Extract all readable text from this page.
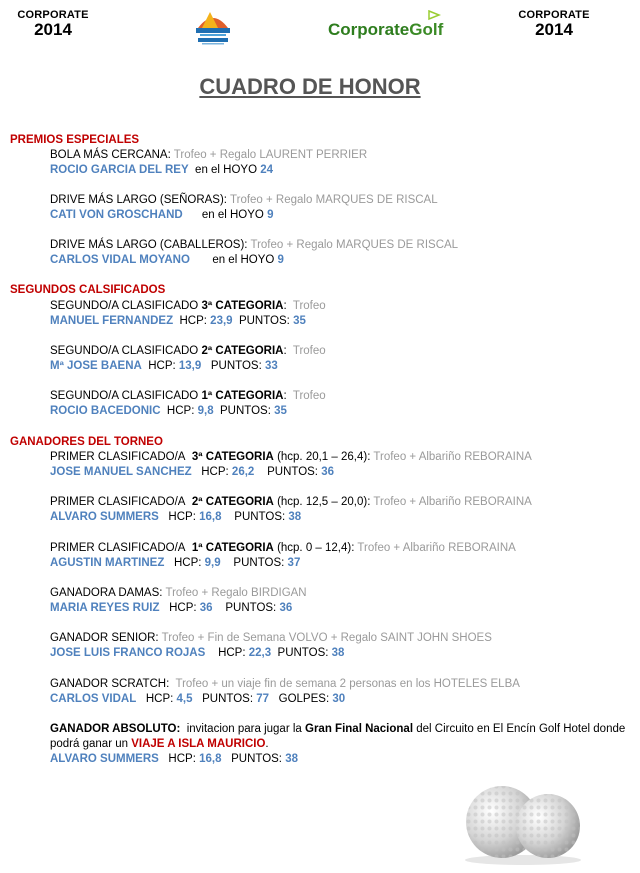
CORPORATE
2014	CorporateGolf
CORPORATE
2014
CUADRO DE HONOR
PREMIOS ESPECIALES
BOLA MÁS CERCANA: Trofeo + Regalo LAURENT PERRIER
ROCIO GARCIA DEL REY en el HOYO 24
DRIVE MÁS LARGO (SEÑORAS): Trofeo + Regalo MARQUES DE RISCAL
CATI VON GROSCHAND en el HOYO 9
DRIVE MÁS LARGO (CABALLEROS): Trofeo + Regalo MARQUES DE RISCAL
CARLOS VIDAL MOYANO en el HOYO 9
SEGUNDOS CALSIFICADOS
SEGUNDO/A CLASIFICADO 3ª CATEGORIA: Trofeo
MANUEL FERNANDEZ HCP: 23,9 PUNTOS: 35
SEGUNDO/A CLASIFICADO 2ª CATEGORIA: Trofeo
Mª JOSE BAENA HCP: 13,9 PUNTOS: 33
SEGUNDO/A CLASIFICADO 1ª CATEGORIA: Trofeo
ROCIO BACEDONIC HCP: 9,8 PUNTOS: 35
GANADORES DEL TORNEO
PRIMER CLASIFICADO/A 3ª CATEGORIA (hcp. 20,1 – 26,4): Trofeo + Albariño REBORAINA
JOSE MANUEL SANCHEZ HCP: 26,2 PUNTOS: 36
PRIMER CLASIFICADO/A 2ª CATEGORIA (hcp. 12,5 – 20,0): Trofeo + Albariño REBORAINA
ALVARO SUMMERS HCP: 16,8 PUNTOS: 38
PRIMER CLASIFICADO/A 1ª CATEGORIA (hcp. 0 – 12,4): Trofeo + Albariño REBORAINA
AGUSTIN MARTINEZ HCP: 9,9 PUNTOS: 37
GANADORA DAMAS: Trofeo + Regalo BIRDIGAN
MARIA REYES RUIZ HCP: 36 PUNTOS: 36
GANADOR SENIOR: Trofeo + Fin de Semana VOLVO + Regalo SAINT JOHN SHOES
JOSE LUIS FRANCO ROJAS HCP: 22,3 PUNTOS: 38
GANADOR SCRATCH: Trofeo + un viaje fin de semana 2 personas en los HOTELES ELBA
CARLOS VIDAL HCP: 4,5 PUNTOS: 77 GOLPES: 30
GANADOR ABSOLUTO: invitacion para jugar la Gran Final Nacional del Circuito en El Encín Golf Hotel donde
podrá ganar un VIAJE A ISLA MAURICIO.
ALVARO SUMMERS HCP: 16,8 PUNTOS: 38
